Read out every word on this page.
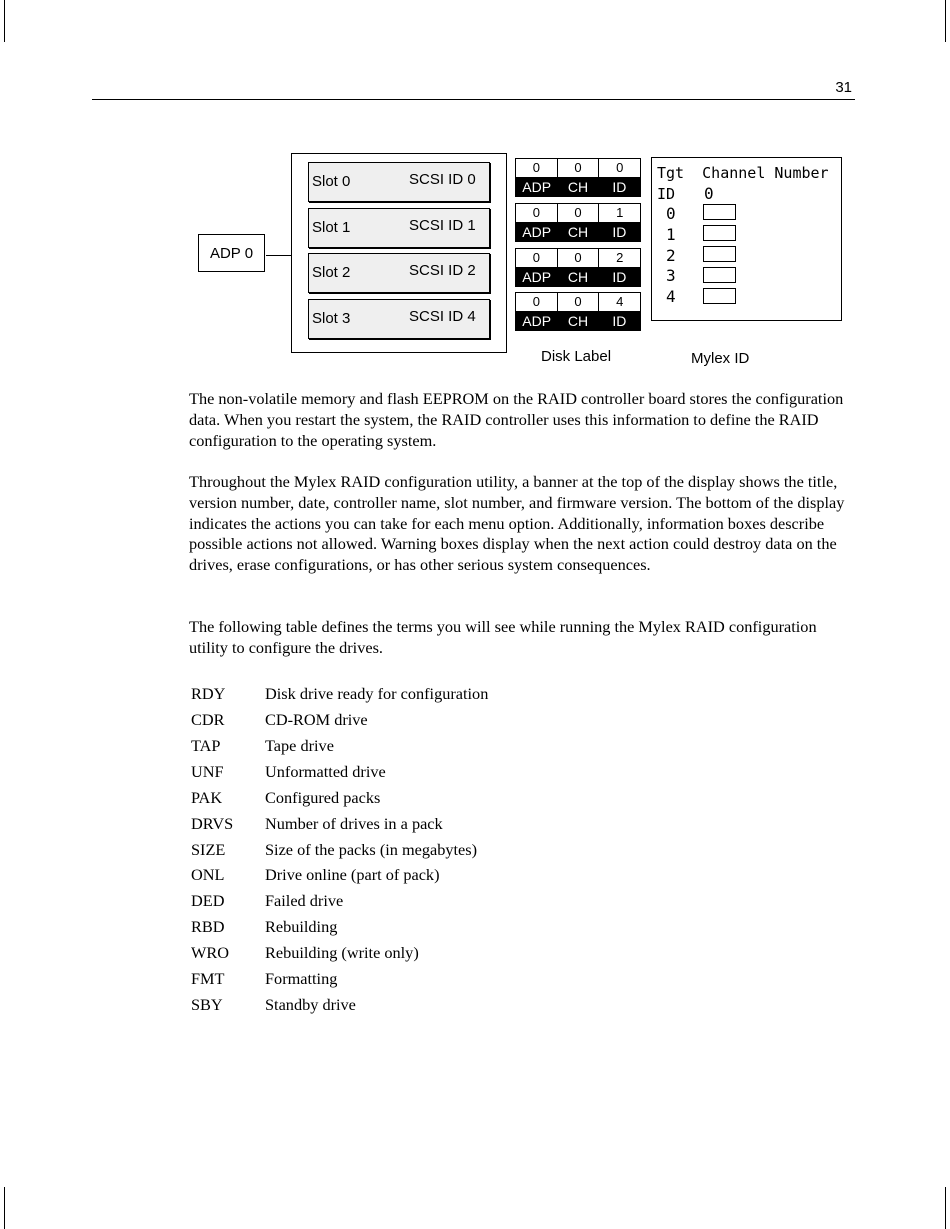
31
ADP 0
Slot 0	SCSI ID 0
Slot 1	SCSI ID 1
Slot 2	SCSI ID 2
Slot 3	SCSI ID 4
0	0	0
ADP	CH	ID
0	0	1
ADP	CH	ID
0	0	2
ADP	CH	ID
0	0	4
ADP	CH	ID
Disk Label
Tgt  Channel Number
ID 0
0
1
2
3
4
Mylex ID

The non-volatile memory and flash EEPROM on the RAID controller board stores the configuration data. When you restart the system, the RAID controller uses this information to define the RAID configuration to the operating system.

Throughout the Mylex RAID configuration utility, a banner at the top of the display shows the title, version number, date, controller name, slot number, and firmware version. The bottom of the display indicates the actions you can take for each menu option. Additionally, information boxes describe possible actions not allowed. Warning boxes display when the next action could destroy data on the drives, erase configurations, or has other serious system consequences.

The following table defines the terms you will see while running the Mylex RAID configuration utility to configure the drives.

RDY Disk drive ready for configuration
CDR CD-ROM drive
TAP	Tape drive
UNF	Unformatted drive
PAK	Configured packs
DRVS Number of drives in a pack
SIZE Size of the packs (in megabytes)
ONL Drive online (part of pack)
DED Failed drive
RBD Rebuilding
WRO Rebuilding (write only)
FMT Formatting
SBY	Standby drive
